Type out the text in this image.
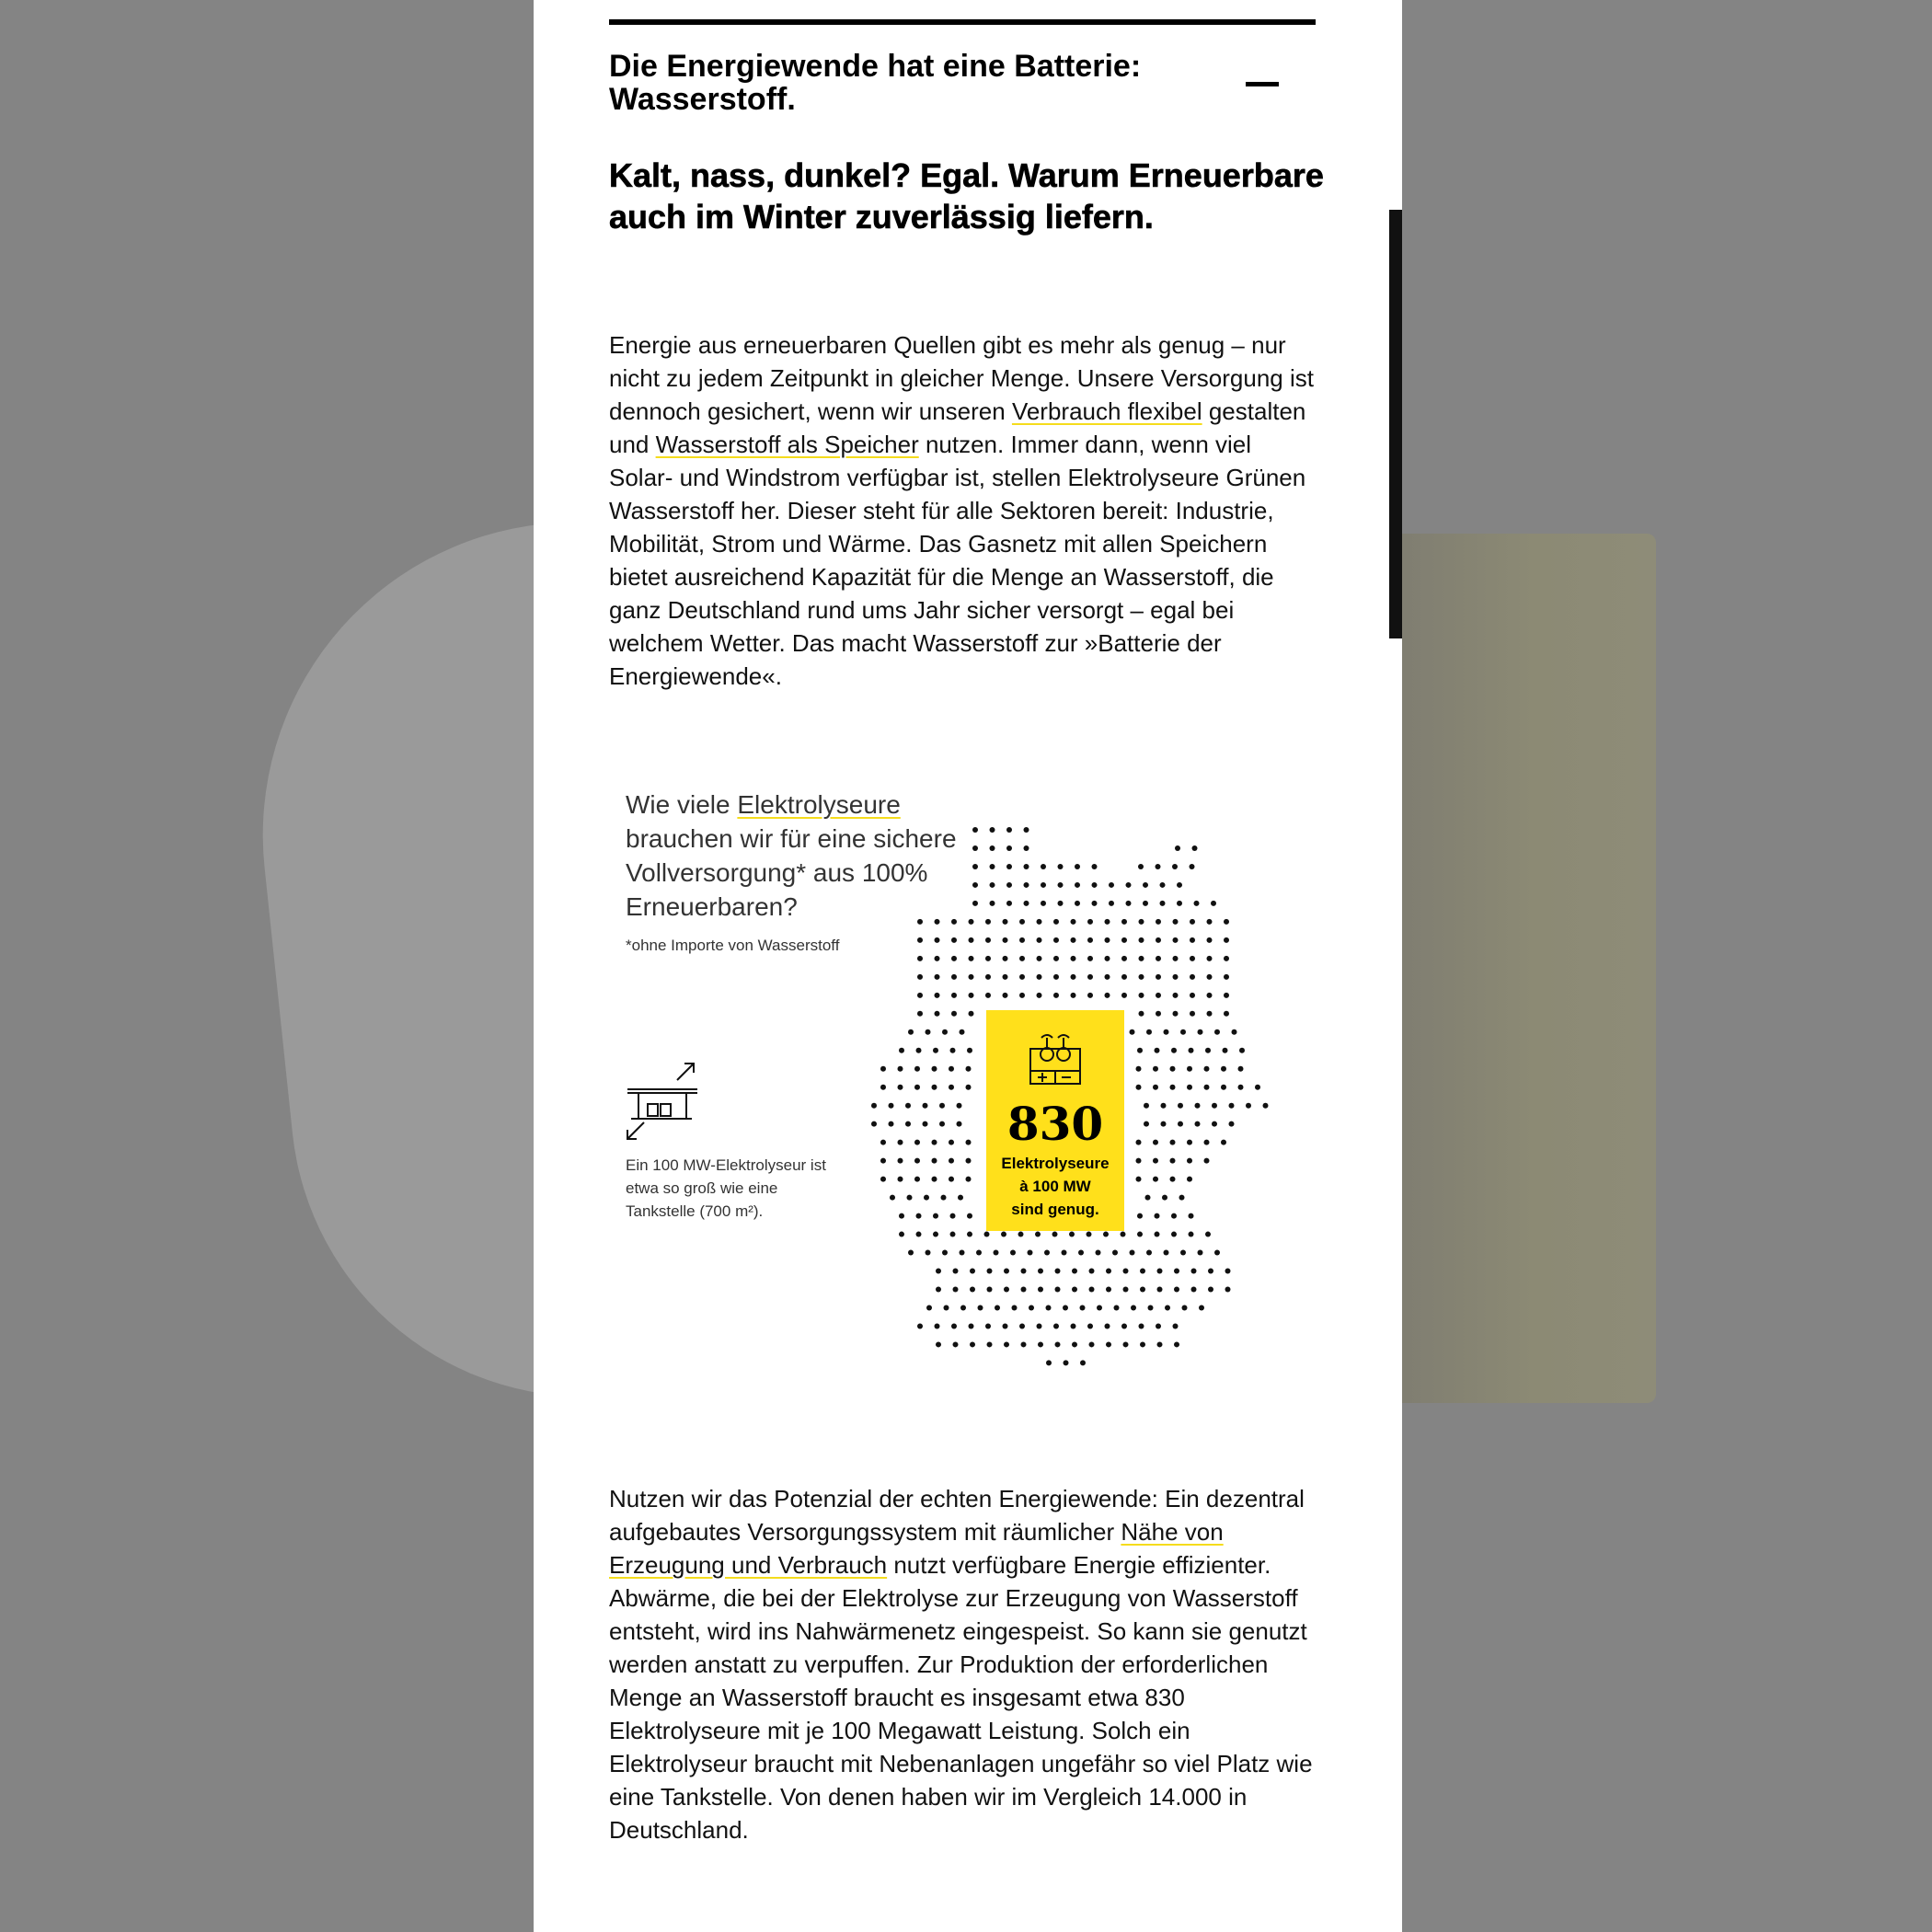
Die Energiewende hat eine Batterie: Wasserstoff.
Kalt, nass, dunkel? Egal. Warum Erneuerbare auch im Winter zuverlässig liefern.
Energie aus erneuerbaren Quellen gibt es mehr als genug – nur nicht zu jedem Zeitpunkt in gleicher Menge. Unsere Versorgung ist dennoch gesichert, wenn wir unseren Verbrauch flexibel gestalten und Wasserstoff als Speicher nutzen. Immer dann, wenn viel Solar- und Windstrom verfügbar ist, stellen Elektrolyseure Grünen Wasserstoff her. Dieser steht für alle Sektoren bereit: Industrie, Mobilität, Strom und Wärme. Das Gasnetz mit allen Speichern bietet ausreichend Kapazität für die Menge an Wasserstoff, die ganz Deutschland rund ums Jahr sicher versorgt – egal bei welchem Wetter. Das macht Wasserstoff zur »Batterie der Energiewende«.
Wie viele Elektrolyseure brauchen wir für eine sichere Vollversorgung* aus 100% Erneuerbaren?
*ohne Importe von Wasserstoff
Ein 100 MW-Elektrolyseur ist etwa so groß wie eine Tankstelle (700 m²).
830
Elektrolyseure
à 100 MW
sind genug.
Nutzen wir das Potenzial der echten Energiewende: Ein dezentral aufgebautes Versorgungssystem mit räumlicher Nähe von Erzeugung und Verbrauch nutzt verfügbare Energie effizienter. Abwärme, die bei der Elektrolyse zur Erzeugung von Wasserstoff entsteht, wird ins Nahwärmenetz eingespeist. So kann sie genutzt werden anstatt zu verpuffen. Zur Produktion der erforderlichen Menge an Wasserstoff braucht es insgesamt etwa 830 Elektrolyseure mit je 100 Megawatt Leistung. Solch ein Elektrolyseur braucht mit Nebenanlagen ungefähr so viel Platz wie eine Tankstelle. Von denen haben wir im Vergleich 14.000 in Deutschland.
